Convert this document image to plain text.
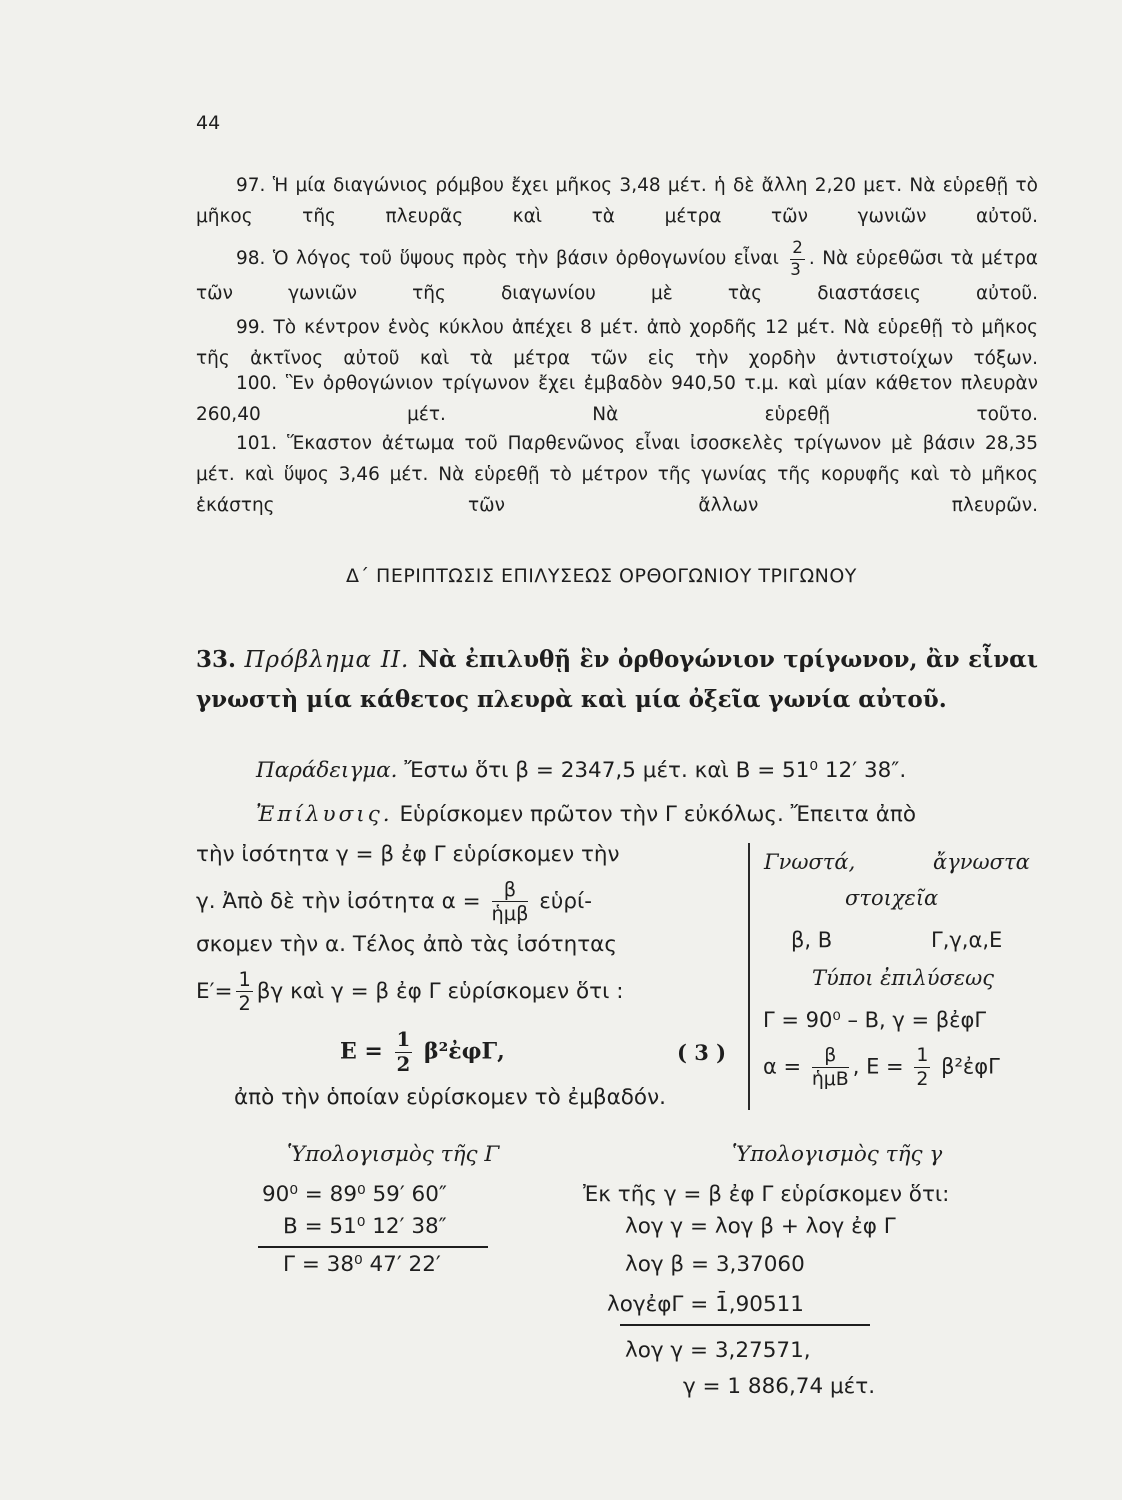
44
97. Ἡ μία διαγώνιος ρόμβου ἔχει μῆκος 3,48 μέτ. ἡ δὲ ἄλλη 2,20 μετ. Νὰ εὑρεθῇ τὸ μῆκος τῆς πλευρᾶς καὶ τὰ μέτρα τῶν γωνιῶν αὐτοῦ.
98. Ὁ λόγος τοῦ ὕψους πρὸς τὴν βάσιν ὀρθογωνίου εἶναι $\frac{2}{3}$ . Νὰ εὑρεθῶσι τὰ μέτρα τῶν γωνιῶν τῆς διαγωνίου μὲ τὰς διαστάσεις αὐτοῦ.
99. Τὸ κέντρον ἑνὸς κύκλου ἀπέχει 8 μέτ. ἀπὸ χορδῆς 12 μέτ. Νὰ εὑρεθῇ τὸ μῆκος τῆς ἀκτῖνος αὐτοῦ καὶ τὰ μέτρα τῶν εἰς τὴν χορδὴν ἀντιστοίχων τόξων.
100. Ἓν ὀρθογώνιον τρίγωνον ἔχει ἐμβαδὸν 940,50 τ.μ. καὶ μίαν κάθετον πλευρὰν 260,40 μέτ. Νὰ εὑρεθῇ τοῦτο.
101. Ἕκαστον ἀέτωμα τοῦ Παρθενῶνος εἶναι ἰσοσκελὲς τρίγωνον μὲ βάσιν 28,35 μέτ. καὶ ὕψος 3,46 μέτ. Νὰ εὑρεθῇ τὸ μέτρον τῆς γωνίας τῆς κορυφῆς καὶ τὸ μῆκος ἑκάστης τῶν ἄλλων πλευρῶν.
Δ΄ ΠΕΡΙΠΤΩΣΙΣ ΕΠΙΛΥΣΕΩΣ ΟΡΘΟΓΩΝΙΟΥ ΤΡΙΓΩΝΟΥ
33. Πρόβλημα ΙΙ. Νὰ ἐπιλυθῇ ἓν ὀρθογώνιον τρίγωνον, ἂν εἶναι γνωστὴ μία κάθετος πλευρὰ καὶ μία ὀξεῖα γωνία αὐτοῦ.
Παράδειγμα. Ἔστω ὅτι β = 2347,5 μέτ. καὶ Β = 51⁰ 12′ 38″.
Ἐπίλυσις. Εὑρίσκομεν πρῶτον τὴν Γ εὐκόλως. Ἔπειτα ἀπὸ
τὴν ἰσότητα γ = β ἐφ Γ εὑρίσκομεν τὴν
γ. Ἀπὸ δὲ τὴν ἰσότητα $\alpha = \frac{\beta}{\text{ἡμβ}}$ εὑρί-
σκομεν τὴν α. Τέλος ἀπὸ τὰς ἰσότητας
$E'= \frac{1}{2}$ βγ καὶ γ = β ἐφ Γ εὑρίσκομεν ὅτι :
$E = \frac{1}{2}$ β²ἐφΓ,	( 3 )
ἀπὸ τὴν ὁποίαν εὑρίσκομεν τὸ ἐμβαδόν.
Γνωστά,	ἄγνωστα
στοιχεῖα
β, Β	Γ,γ,α,Ε
Τύποι ἐπιλύσεως
Γ = 90⁰ – Β, γ = βἐφΓ
$\alpha = \frac{\beta}{\text{ἡμΒ}}$ , $E = \frac{1}{2}$ β²ἐφΓ
Ὑπολογισμὸς τῆς Γ
90⁰ = 89⁰ 59′ 60″
Β = 51⁰ 12′ 38″
Γ = 38⁰ 47′ 22′
Ὑπολογισμὸς τῆς γ
Ἐκ τῆς γ = β ἐφ Γ εὑρίσκομεν ὅτι:
λογ γ = λογ β + λογ ἐφ Γ
λογ β = 3,37060
λογἐφΓ = 1̄,90511
λογ γ = 3,27571,
γ = 1 886,74 μέτ.
